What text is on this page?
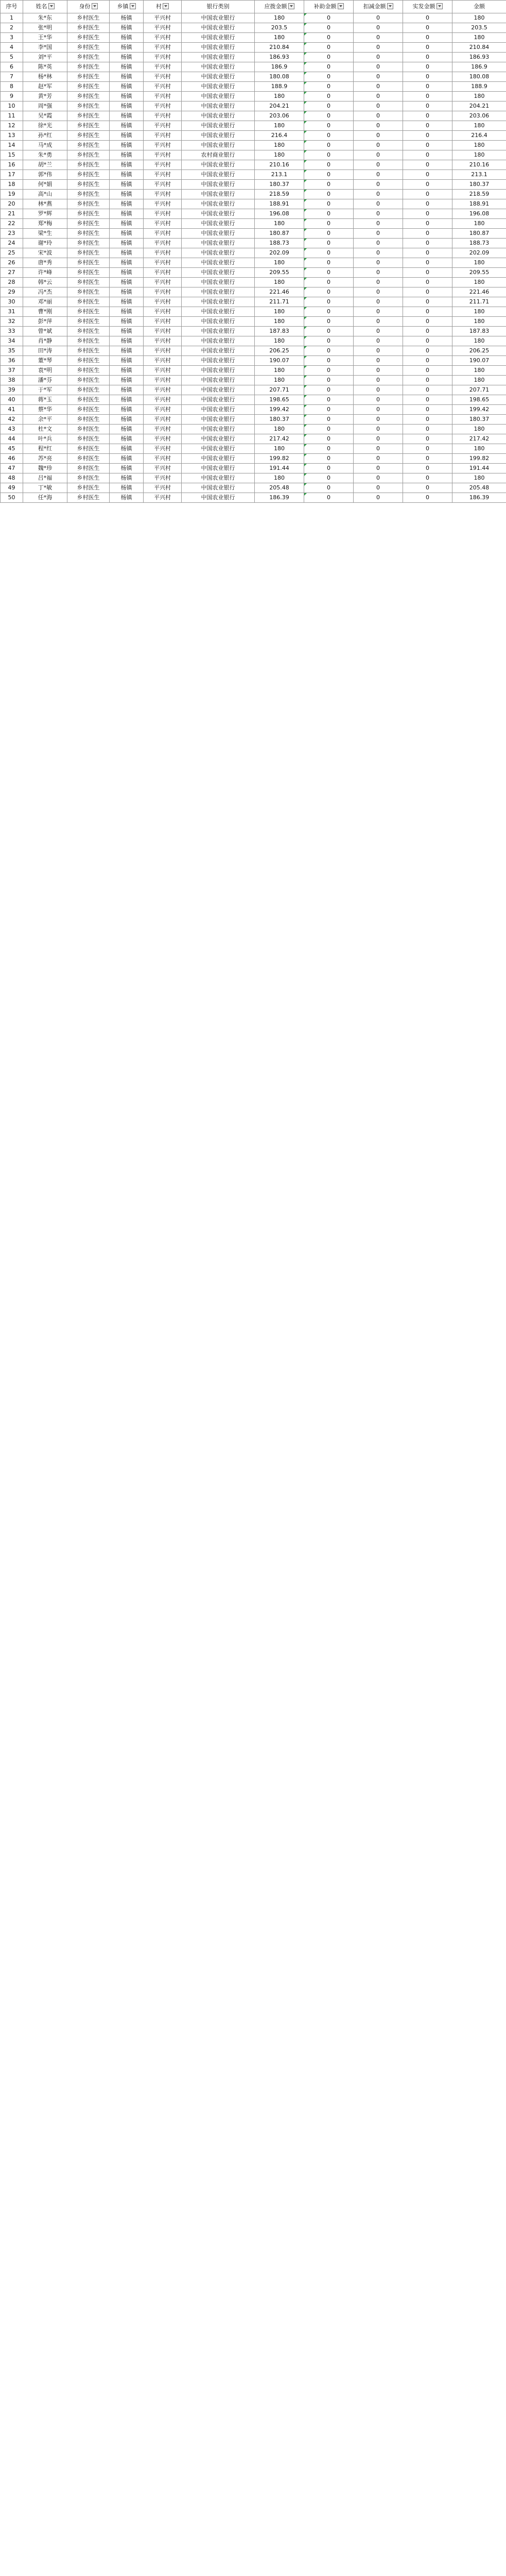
序号	姓名	身份	乡镇	村	银行类别	应拨金额	补助金额	扣减金额	实发金额	金额
1	朱*东	乡村医生	杨镇	平兴村	中国农业银行	180	0	0	0	180
2	张*明	乡村医生	杨镇	平兴村	中国农业银行	203.5	0	0	0	203.5
3	王*华	乡村医生	杨镇	平兴村	中国农业银行	180	0	0	0	180
4	李*国	乡村医生	杨镇	平兴村	中国农业银行	210.84	0	0	0	210.84
5	刘*平	乡村医生	杨镇	平兴村	中国农业银行	186.93	0	0	0	186.93
6	陈*英	乡村医生	杨镇	平兴村	中国农业银行	186.9	0	0	0	186.9
7	杨*林	乡村医生	杨镇	平兴村	中国农业银行	180.08	0	0	0	180.08
8	赵*军	乡村医生	杨镇	平兴村	中国农业银行	188.9	0	0	0	188.9
9	黄*芳	乡村医生	杨镇	平兴村	中国农业银行	180	0	0	0	180
10	周*强	乡村医生	杨镇	平兴村	中国农业银行	204.21	0	0	0	204.21
11	吴*霞	乡村医生	杨镇	平兴村	中国农业银行	203.06	0	0	0	203.06
12	徐*光	乡村医生	杨镇	平兴村	中国农业银行	180	0	0	0	180
13	孙*红	乡村医生	杨镇	平兴村	中国农业银行	216.4	0	0	0	216.4
14	马*成	乡村医生	杨镇	平兴村	中国农业银行	180	0	0	0	180
15	朱*勇	乡村医生	杨镇	平兴村	农村商业银行	180	0	0	0	180
16	胡*兰	乡村医生	杨镇	平兴村	中国农业银行	210.16	0	0	0	210.16
17	郭*伟	乡村医生	杨镇	平兴村	中国农业银行	213.1	0	0	0	213.1
18	何*娟	乡村医生	杨镇	平兴村	中国农业银行	180.37	0	0	0	180.37
19	高*山	乡村医生	杨镇	平兴村	中国农业银行	218.59	0	0	0	218.59
20	林*燕	乡村医生	杨镇	平兴村	中国农业银行	188.91	0	0	0	188.91
21	罗*辉	乡村医生	杨镇	平兴村	中国农业银行	196.08	0	0	0	196.08
22	郑*梅	乡村医生	杨镇	平兴村	中国农业银行	180	0	0	0	180
23	梁*生	乡村医生	杨镇	平兴村	中国农业银行	180.87	0	0	0	180.87
24	谢*玲	乡村医生	杨镇	平兴村	中国农业银行	188.73	0	0	0	188.73
25	宋*波	乡村医生	杨镇	平兴村	中国农业银行	202.09	0	0	0	202.09
26	唐*秀	乡村医生	杨镇	平兴村	中国农业银行	180	0	0	0	180
27	许*峰	乡村医生	杨镇	平兴村	中国农业银行	209.55	0	0	0	209.55
28	韩*云	乡村医生	杨镇	平兴村	中国农业银行	180	0	0	0	180
29	冯*杰	乡村医生	杨镇	平兴村	中国农业银行	221.46	0	0	0	221.46
30	邓*丽	乡村医生	杨镇	平兴村	中国农业银行	211.71	0	0	0	211.71
31	曹*刚	乡村医生	杨镇	平兴村	中国农业银行	180	0	0	0	180
32	彭*萍	乡村医生	杨镇	平兴村	中国农业银行	180	0	0	0	180
33	曾*斌	乡村医生	杨镇	平兴村	中国农业银行	187.83	0	0	0	187.83
34	肖*静	乡村医生	杨镇	平兴村	中国农业银行	180	0	0	0	180
35	田*涛	乡村医生	杨镇	平兴村	中国农业银行	206.25	0	0	0	206.25
36	董*琴	乡村医生	杨镇	平兴村	中国农业银行	190.07	0	0	0	190.07
37	袁*明	乡村医生	杨镇	平兴村	中国农业银行	180	0	0	0	180
38	潘*芬	乡村医生	杨镇	平兴村	中国农业银行	180	0	0	0	180
39	于*军	乡村医生	杨镇	平兴村	中国农业银行	207.71	0	0	0	207.71
40	蒋*玉	乡村医生	杨镇	平兴村	中国农业银行	198.65	0	0	0	198.65
41	蔡*华	乡村医生	杨镇	平兴村	中国农业银行	199.42	0	0	0	199.42
42	余*平	乡村医生	杨镇	平兴村	中国农业银行	180.37	0	0	0	180.37
43	杜*文	乡村医生	杨镇	平兴村	中国农业银行	180	0	0	0	180
44	叶*兵	乡村医生	杨镇	平兴村	中国农业银行	217.42	0	0	0	217.42
45	程*红	乡村医生	杨镇	平兴村	中国农业银行	180	0	0	0	180
46	苏*亮	乡村医生	杨镇	平兴村	中国农业银行	199.82	0	0	0	199.82
47	魏*珍	乡村医生	杨镇	平兴村	中国农业银行	191.44	0	0	0	191.44
48	吕*福	乡村医生	杨镇	平兴村	中国农业银行	180	0	0	0	180
49	丁*敏	乡村医生	杨镇	平兴村	中国农业银行	205.48	0	0	0	205.48
50	任*海	乡村医生	杨镇	平兴村	中国农业银行	186.39	0	0	0	186.39
